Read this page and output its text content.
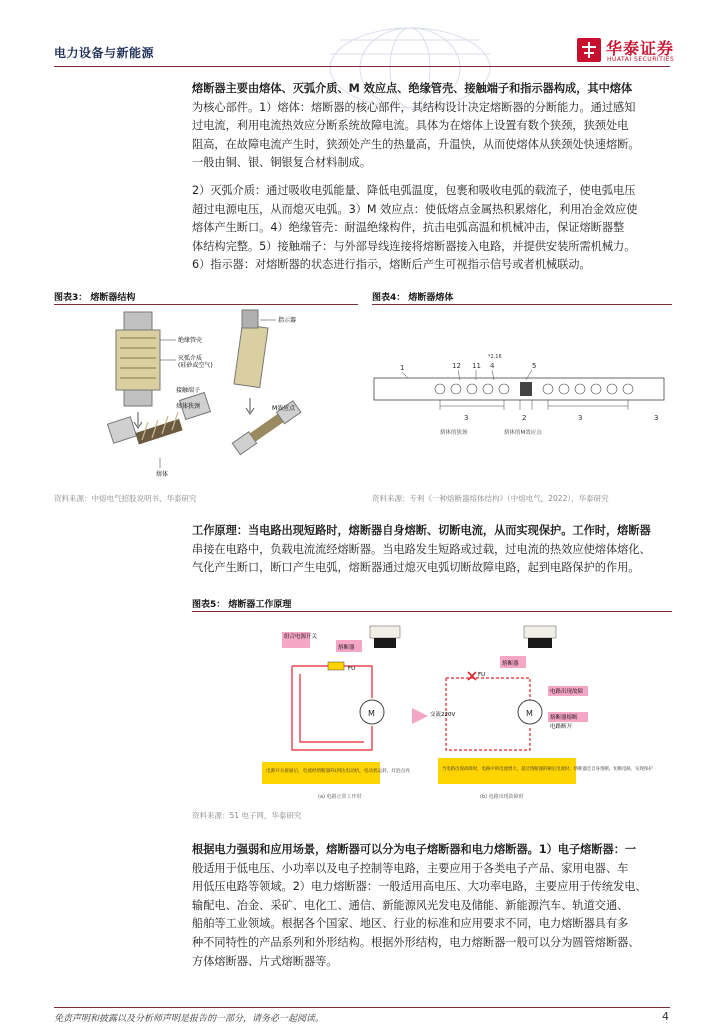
电力设备与新能源	华泰证券
HUATAI SECURITIES
熔断器主要由熔体、灭弧介质、M 效应点、绝缘管壳、接触端子和指示器构成，其中熔体
为核心部件。1）熔体：熔断器的核心部件，其结构设计决定熔断器的分断能力。通过感知
过电流，利用电流热效应分断系统故障电流。具体为在熔体上设置有数个狭颈，狭颈处电
阻高，在故障电流产生时，狭颈处产生的热量高，升温快，从而使熔体从狭颈处快速熔断。
一般由铜、银、铜银复合材料制成。
2）灭弧介质：通过吸收电弧能量、降低电弧温度，包裹和吸收电弧的载流子，使电弧电压
超过电源电压，从而熄灭电弧。3）M 效应点：使低熔点金属热积累熔化，利用冶金效应使
熔体产生断口。4）绝缘管壳：耐温绝缘构件，抗击电弧高温和机械冲击，保证熔断器整
体结构完整。5）接触端子：与外部导线连接将熔断器接入电路，并提供安装所需机械力。
6）指示器：对熔断器的状态进行指示，熔断后产生可视指示信号或者机械联动。
图表3： 熔断器结构
绝缘管壳
灭弧介质
(硅砂或空气)
指示器
接触端子
熔体狭颈	M效应点
熔体
资料来源：中熔电气招股说明书，华泰研究
图表4： 熔断器熔体
1	12 11 4	5
*2.16
3	2	3	3
熔体的狭颈	熔体的M效应点
资料来源：专利《一种熔断器熔体结构》（中熔电气，2022），华泰研究
工作原理：当电路出现短路时，熔断器自身熔断、切断电流，从而实现保护。工作时，熔断器
串接在电路中，负载电流流经熔断器。当电路发生短路或过载，过电流的热效应使熔体熔化、
气化产生断口，断口产生电弧，熔断器通过熄灭电弧切断故障电路，起到电路保护的作用。
图表5： 熔断器工作原理
组合电源开关
熔断器
FU
M
电源开关接通后，电流经熔断器FU到达电动机，电动机运转，灯泡点亮
(a) 电路正常工作时
熔断器
FU
交流220V	M
电路出现故障
熔断器熔断
电路断开
当电路出现故障时，电路中的电流增大，超过熔断器的额定电流时，熔断器会自身熔断，切断电路，实现保护
(b) 电路出现故障时
资料来源：51 电子网，华泰研究
根据电力强弱和应用场景，熔断器可以分为电子熔断器和电力熔断器。1）电子熔断器：一
般适用于低电压、小功率以及电子控制等电路，主要应用于各类电子产品、家用电器、车
用低压电路等领域。2）电力熔断器：一般适用高电压、大功率电路，主要应用于传统发电、
输配电、冶金、采矿、电化工、通信、新能源风光发电及储能、新能源汽车、轨道交通、
船舶等工业领域。根据各个国家、地区、行业的标准和应用要求不同，电力熔断器具有多
种不同特性的产品系列和外形结构。根据外形结构，电力熔断器一般可以分为圆管熔断器、
方体熔断器、片式熔断器等。
免责声明和披露以及分析师声明是报告的一部分，请务必一起阅读。	4
